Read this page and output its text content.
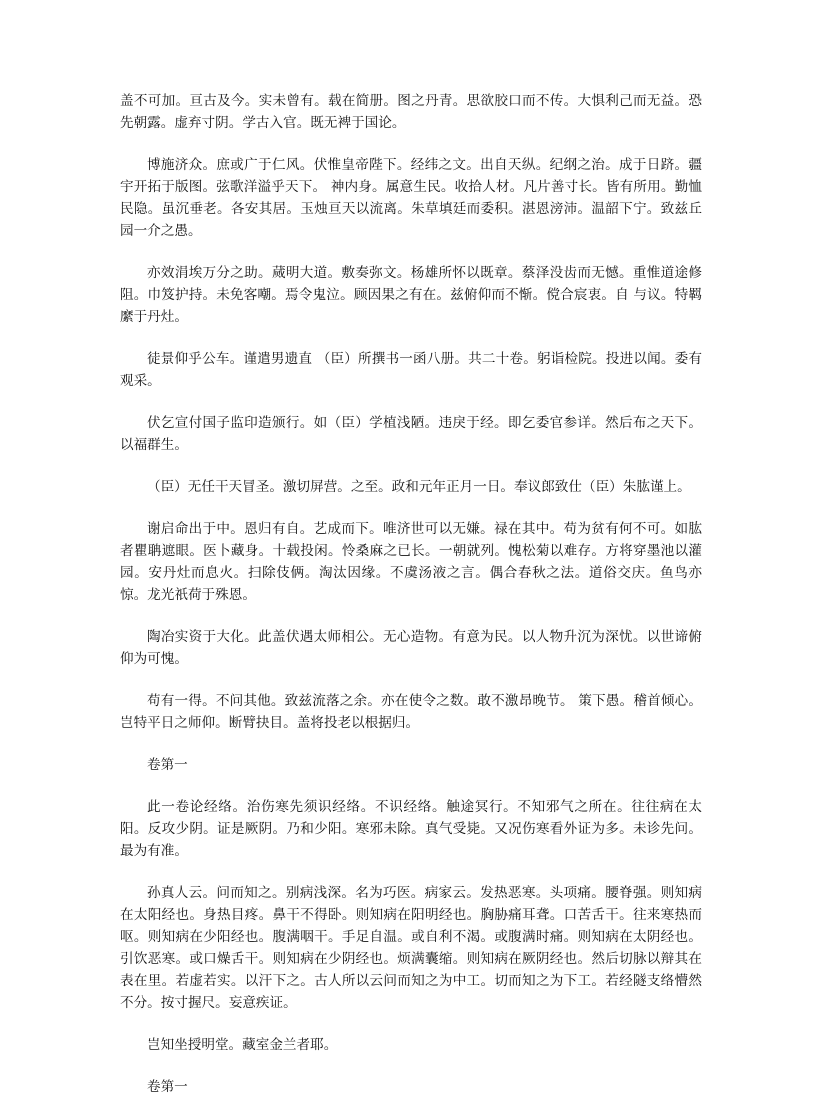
盖不可加。亘古及今。实未曾有。载在简册。图之丹青。思欲胶口而不传。大惧利己而无益。恐先朝露。虚弃寸阴。学古入官。既无裨于国论。

博施济众。庶或广于仁风。伏惟皇帝陛下。经纬之文。出自天纵。纪纲之治。成于日跻。疆宇开拓于版图。弦歌洋溢乎天下。 神内身。属意生民。收拾人材。凡片善寸长。皆有所用。勤恤民隐。虽沉垂老。各安其居。玉烛亘天以流离。朱草填廷而委积。湛恩滂沛。温韶下宁。致兹丘园一介之愚。

亦效涓埃万分之助。蒇明大道。敷奏弥文。杨雄所怀以既章。蔡泽没齿而无憾。重惟道途修阻。巾笈护持。未免客嘲。焉令鬼泣。顾因果之有在。兹俯仰而不惭。傥合宸衷。自 与议。特羁縻于丹灶。

徒景仰乎公车。谨遣男遗直 （臣）所撰书一函八册。共二十卷。躬诣检院。投进以闻。委有观采。

伏乞宣付国子监印造颁行。如（臣）学植浅陋。违戾于经。即乞委官参详。然后布之天下。以福群生。

（臣）无任干天冒圣。激切屏营。之至。政和元年正月一日。奉议郎致仕（臣）朱肱谨上。

谢启命出于中。恩归有自。艺成而下。唯济世可以无嫌。禄在其中。苟为贫有何不可。如肱者瞿聃遮眼。医卜藏身。十载投闲。怜桑麻之已长。一朝就列。愧松菊以难存。方将穿墨池以灌园。安丹灶而息火。扫除伎俩。淘汰因缘。不虞汤液之言。偶合春秋之法。道俗交庆。鱼鸟亦惊。龙光祇荷于殊恩。

陶冶实资于大化。此盖伏遇太师相公。无心造物。有意为民。以人物升沉为深忧。以世谛俯仰为可愧。

苟有一得。不问其他。致兹流落之余。亦在使令之数。敢不激昂晚节。 策下愚。稽首倾心。岂特平日之师仰。断臂抉目。盖将投老以根据归。

卷第一

此一卷论经络。治伤寒先须识经络。不识经络。触途冥行。不知邪气之所在。往往病在太阳。反攻少阴。证是厥阴。乃和少阳。寒邪未除。真气受毙。又况伤寒看外证为多。未诊先问。最为有准。

孙真人云。问而知之。别病浅深。名为巧医。病家云。发热恶寒。头项痛。腰脊强。则知病在太阳经也。身热目疼。鼻干不得卧。则知病在阳明经也。胸胁痛耳聋。口苦舌干。往来寒热而呕。则知病在少阳经也。腹满咽干。手足自温。或自利不渴。或腹满时痛。则知病在太阴经也。引饮恶寒。或口燥舌干。则知病在少阴经也。烦满囊缩。则知病在厥阴经也。然后切脉以辩其在表在里。若虚若实。以汗下之。古人所以云问而知之为中工。切而知之为下工。若经隧支络懵然不分。按寸握尺。妄意疾证。

岂知坐授明堂。藏室金兰者耶。

卷第一
